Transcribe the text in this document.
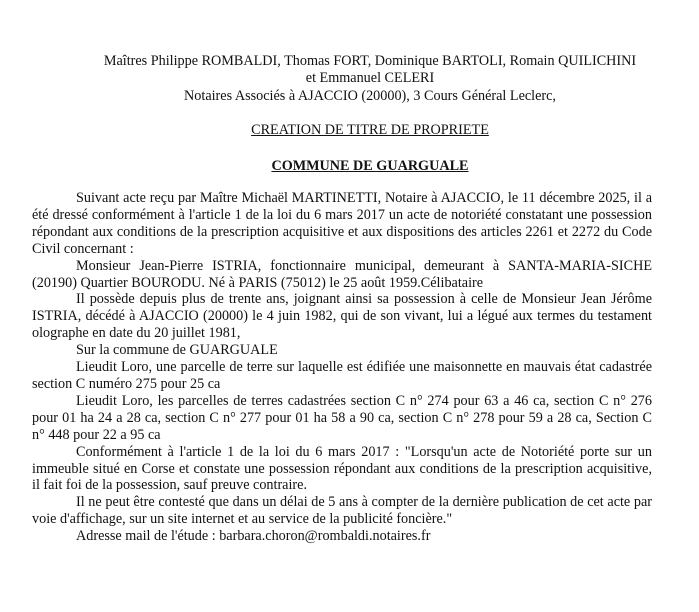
Maîtres Philippe ROMBALDI, Thomas FORT, Dominique BARTOLI, Romain QUILICHINI
et Emmanuel CELERI
Notaires Associés à AJACCIO (20000), 3 Cours Général Leclerc,
CREATION DE TITRE DE PROPRIETE
COMMUNE DE GUARGUALE

Suivant acte reçu par Maître Michaël MARTINETTI, Notaire à AJACCIO, le 11 décembre 2025, il a été dressé conformément à l'article 1 de la loi du 6 mars 2017 un acte de notoriété constatant une possession répondant aux conditions de la prescription acquisitive et aux dispositions des articles 2261 et 2272 du Code Civil concernant :

Monsieur Jean-Pierre ISTRIA, fonctionnaire municipal, demeurant à SANTA-MARIA-SICHE (20190) Quartier BOURODU. Né à PARIS (75012) le 25 août 1959.Célibataire

Il possède depuis plus de trente ans, joignant ainsi sa possession à celle de Monsieur Jean Jérôme ISTRIA, décédé à AJACCIO (20000) le 4 juin 1982, qui de son vivant, lui a légué aux termes du testament olographe en date du 20 juillet 1981,

Sur la commune de GUARGUALE

Lieudit Loro, une parcelle de terre sur laquelle est édifiée une maisonnette en mauvais état cadastrée section C numéro 275 pour 25 ca

Lieudit Loro, les parcelles de terres cadastrées section C n° 274 pour 63 a 46 ca, section C n° 276 pour 01 ha 24 a 28 ca, section C n° 277 pour 01 ha 58 a 90 ca, section C n° 278 pour 59 a 28 ca, Section C n° 448 pour 22 a 95 ca

Conformément à l'article 1 de la loi du 6 mars 2017 : "Lorsqu'un acte de Notoriété porte sur un immeuble situé en Corse et constate une possession répondant aux conditions de la prescription acquisitive, il fait foi de la possession, sauf preuve contraire.

Il ne peut être contesté que dans un délai de 5 ans à compter de la dernière publication de cet acte par voie d'affichage, sur un site internet et au service de la publicité foncière."

Adresse mail de l'étude : barbara.choron@rombaldi.notaires.fr
